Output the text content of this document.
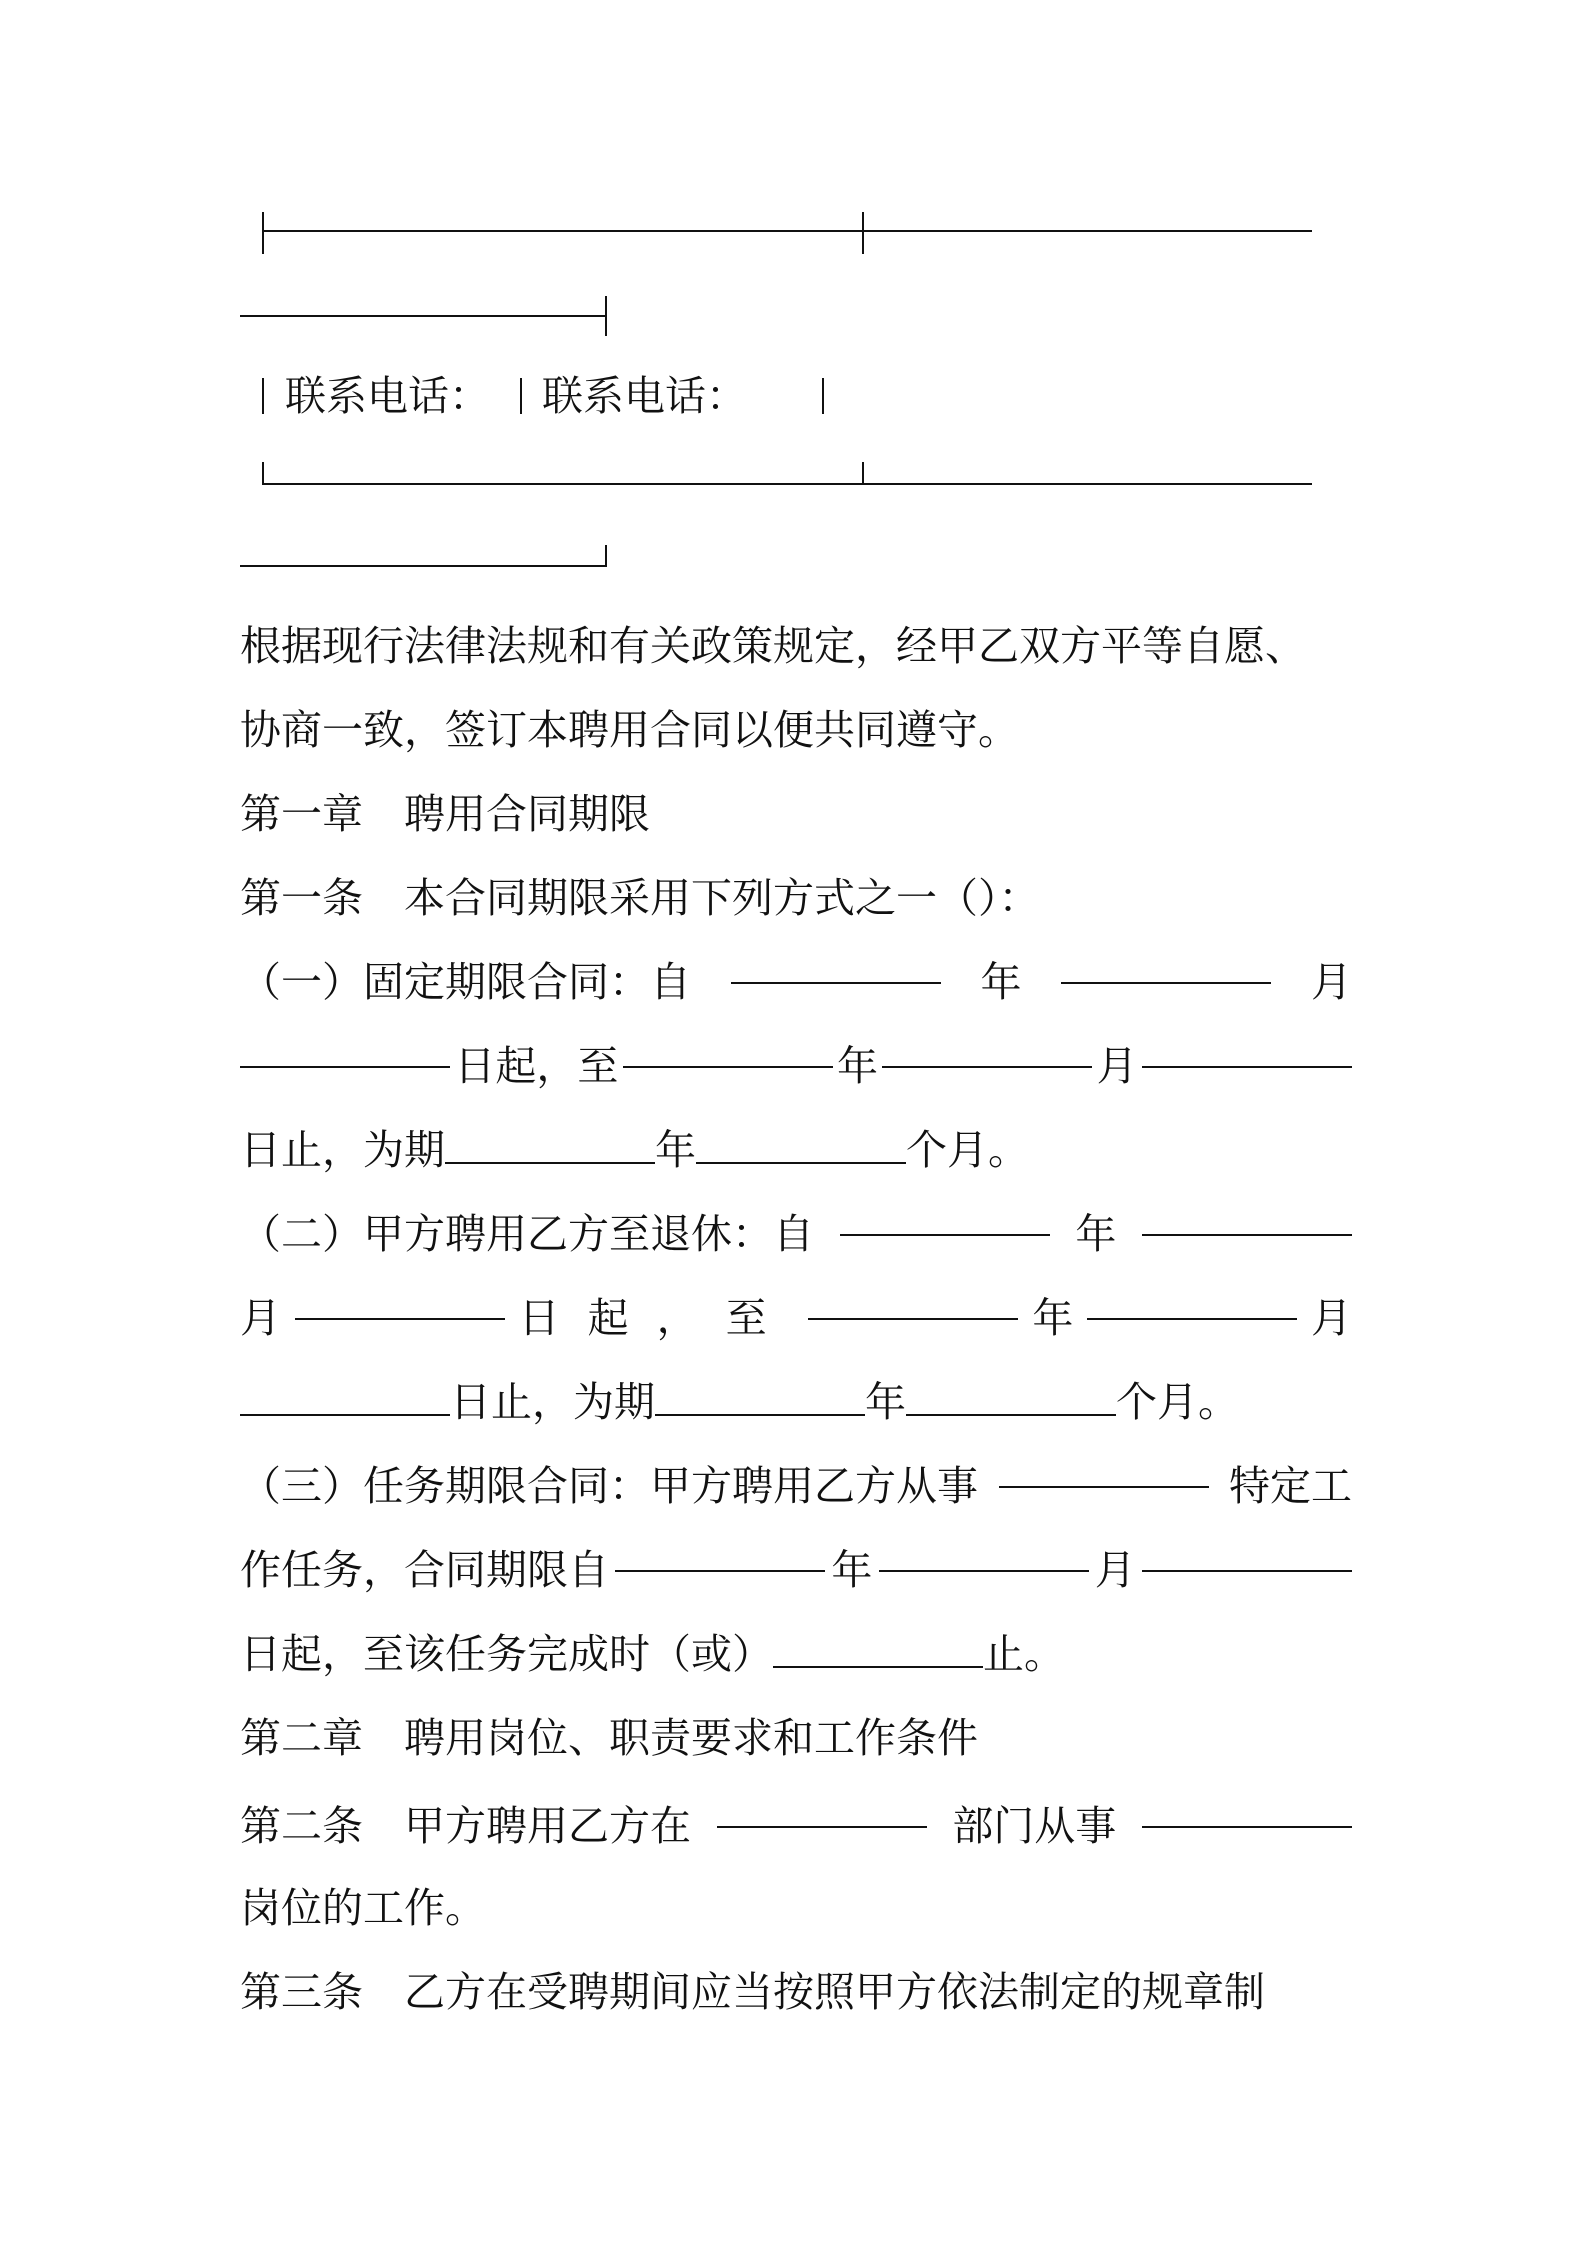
联系电话： 联系电话：
根据现行法律法规和有关政策规定，经甲乙双方平等自愿、
协商一致，签订本聘用合同以便共同遵守。
第一章　聘用合同期限
第一条　本合同期限采用下列方式之一（）：
（一）固定期限合同：自	年	月
日起，至	年	月
日止，为期	年	个月。
（二）甲方聘用乙方至退休：自	年
月	日起，至	年	月
日止，为期	年	个月。
（三）任务期限合同：甲方聘用乙方从事	特定工
作任务，合同期限自	年	月
日起，至该任务完成时（或）	止。
第二章　聘用岗位、职责要求和工作条件
第二条　甲方聘用乙方在	部门从事
岗位的工作。
第三条　乙方在受聘期间应当按照甲方依法制定的规章制
